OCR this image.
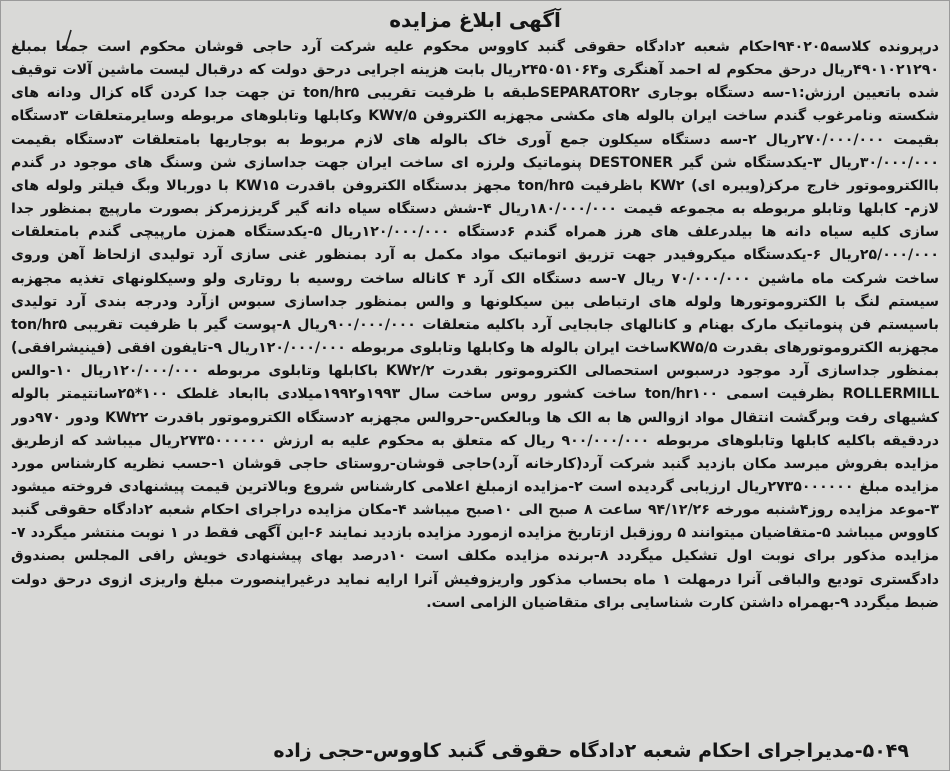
آگهی ابلاغ مزایده

درپرونده کلاسه۹۴۰۲۰۵احکام شعبه ۲دادگاه حقوقی گنبد کاووس محکوم علیه شرکت آرد حاجی قوشان محکوم است جمعا بمبلغ ۴۹۰۱۰۲۱۲۹۰ریال درحق محکوم له احمد آهنگری و۲۴۵۰۵۱۰۶۴ریال بابت هزینه اجرایی درحق دولت که درقبال لیست ماشین آلات توقیف شده باتعیین ارزش:۱-سه دستگاه بوجاری SEPARATOR۲طبقه با ظرفیت تقریبی ton/hr۵ تن جهت جدا کردن گاه کزال ودانه های شکسته ونامرغوب گندم ساخت ایران بالوله های مکشی مجهزبه الکتروفن KW۷/۵ وکابلها وتابلوهای مربوطه وسایرمتعلقات ۳دستگاه بقیمت ۲۷۰/۰۰۰/۰۰۰ریال ۲-سه دستگاه سیکلون جمع آوری خاک بالوله های لازم مربوط به بوجاریها بامتعلقات ۳دستگاه بقیمت ۳۰/۰۰۰/۰۰۰ریال ۳-یکدستگاه شن گیر DESTONER پنوماتیک ولرزه ای ساخت ایران جهت جداسازی شن وسنگ های موجود در گندم باالکتروموتور خارج مرکز(ویبره ای) KW۲ باظرفیت ton/hr۵ مجهز بدستگاه الکتروفن باقدرت KW۱۵ با دوربالا وبگ فیلتر ولوله های لازم- کابلها وتابلو مربوطه به مجموعه قیمت ۱۸۰/۰۰۰/۰۰۰ریال ۴-شش دستگاه سیاه دانه گیر گریززمرکز بصورت مارپیچ بمنظور جدا سازی کلیه سیاه دانه ها بیلدرعلف های هرز همراه گندم ۶دستگاه ۱۲۰/۰۰۰/۰۰۰ریال ۵-یکدستگاه همزن مارپیچی گندم بامتعلقات ۲۵/۰۰۰/۰۰۰ریال ۶-یکدستگاه میکروفیدر جهت تزریق اتوماتیک مواد مکمل به آرد بمنظور غنی سازی آرد تولیدی ازلحاظ آهن وروی ساخت شرکت ماه ماشین ۷۰/۰۰۰/۰۰۰ ریال ۷-سه دستگاه الک آرد ۴ کاناله ساخت روسیه با روتاری ولو وسیکلونهای تغذیه مجهزبه سیستم لنگ با الکتروموتورها ولوله های ارتباطی بین سیکلونها و والس بمنظور جداسازی سبوس ازآرد ودرجه بندی آرد تولیدی باسیستم فن پنوماتیک مارک بهنام و کانالهای جابجایی آرد باکلیه متعلقات ۹۰۰/۰۰۰/۰۰۰ریال ۸-پوست گیر با ظرفیت تقریبی ton/hr۵ مجهزبه الکتروموتورهای بقدرت KW۵/۵ساخت ایران بالوله ها وکابلها وتابلوی مربوطه ۱۲۰/۰۰۰/۰۰۰ریال ۹-تایفون افقی (فینیشرافقی) بمنظور جداسازی آرد موجود درسبوس استحصالی الکتروموتور بقدرت KW۲/۲ باکابلها وتابلوی مربوطه ۱۲۰/۰۰۰/۰۰۰ریال ۱۰-والس ROLLERMILL بظرفیت اسمی ton/hr۱۰۰ ساخت کشور روس ساخت سال ۱۹۹۳و۱۹۹۲میلادی باابعاد غلطک ۱۰۰*۲۵سانتیمتر بالوله کشیهای رفت وبرگشت انتقال مواد ازوالس ها به الک ها وبالعکس-حروالس مجهزبه ۲دستگاه الکتروموتور باقدرت KW۲۲ ودور ۹۷۰دور دردقیقه باکلیه کابلها وتابلوهای مربوطه ۹۰۰/۰۰۰/۰۰۰ ریال که متعلق به محکوم علیه به ارزش ۲۷۳۵۰۰۰۰۰۰ریال میباشد که ازطریق مزایده بفروش میرسد مکان بازدید گنبد شرکت آرد(کارخانه آرد)حاجی قوشان-روستای حاجی قوشان ۱-حسب نظریه کارشناس مورد مزایده مبلغ ۲۷۳۵۰۰۰۰۰۰ریال ارزیابی گردیده است ۲-مزایده ازمبلغ اعلامی کارشناس شروع وبالاترین قیمت پیشنهادی فروخته میشود ۳-موعد مزایده روز۴شنبه مورخه ۹۴/۱۲/۲۶ ساعت ۸ صبح الی ۱۰صبح میباشد ۴-مکان مزایده دراجرای احکام شعبه ۲دادگاه حقوقی گنبد کاووس میباشد ۵-متقاضیان میتوانند ۵ روزقبل ازتاریخ مزایده ازمورد مزایده بازدید نمایند ۶-این آگهی فقط در ۱ نوبت منتشر میگردد ۷-مزایده مذکور برای نوبت اول تشکیل میگردد ۸-برنده مزایده مکلف است ۱۰درصد بهای پیشنهادی خویش رافی المجلس بصندوق دادگستری تودیع والباقی آنرا درمهلت ۱ ماه بحساب مذکور واریزوفیش آنرا ارایه نماید درغیراینصورت مبلغ واریزی ازوی درحق دولت ضبط میگردد ۹-بهمراه داشتن کارت شناسایی برای متقاضیان الزامی است.

۵۰۴۹-مدیراجرای احکام شعبه ۲دادگاه حقوقی گنبد کاووس-حجی زاده
